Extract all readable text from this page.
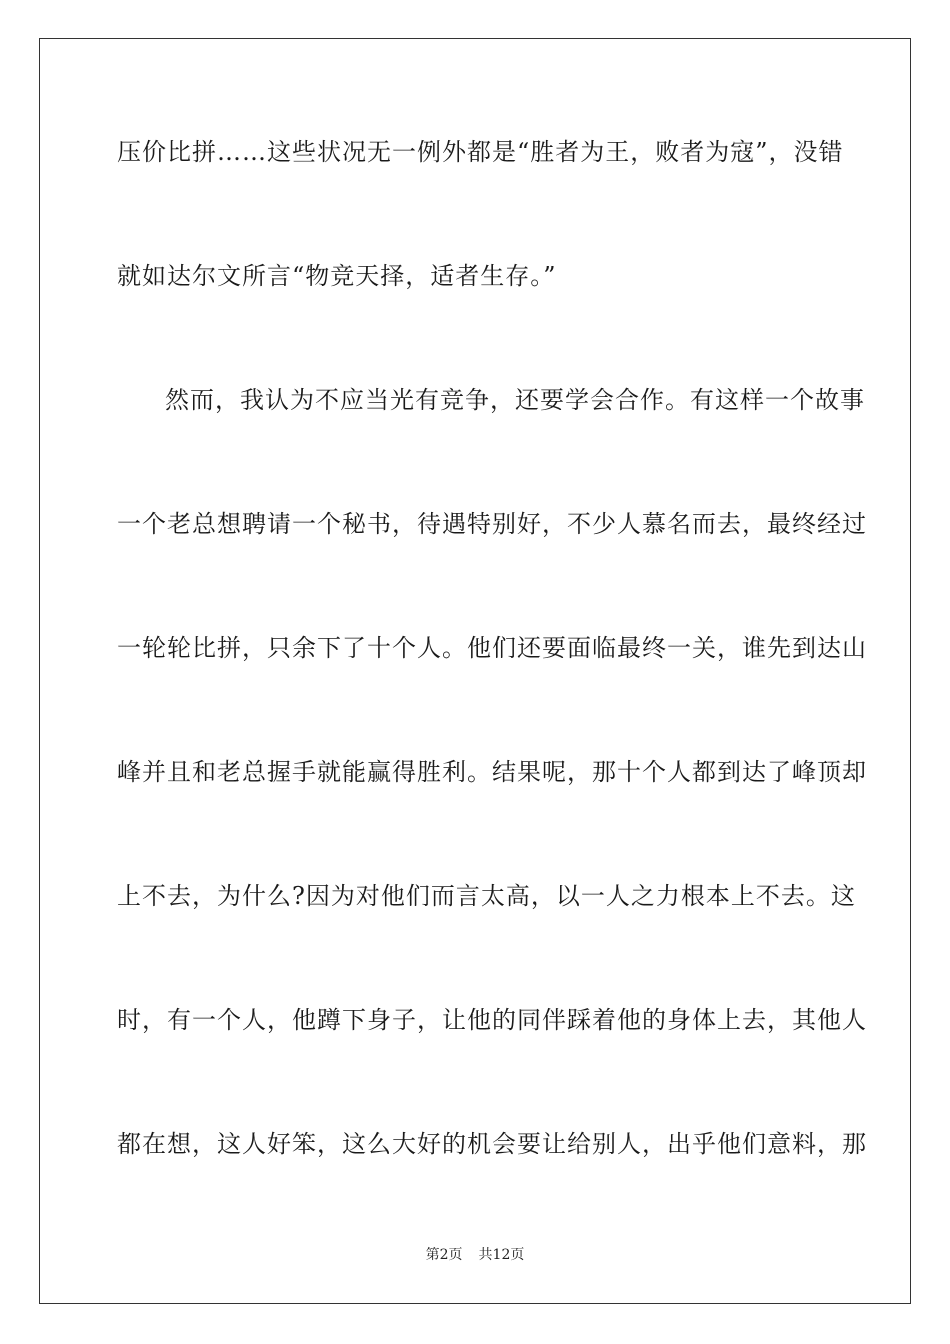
压价比拼……这些状况无一例外都是“胜者为王，败者为寇”，没错
就如达尔文所言“物竞天择，适者生存。”
然而，我认为不应当光有竞争，还要学会合作。有这样一个故事
一个老总想聘请一个秘书，待遇特别好，不少人慕名而去，最终经过
一轮轮比拼，只余下了十个人。他们还要面临最终一关，谁先到达山
峰并且和老总握手就能赢得胜利。结果呢，那十个人都到达了峰顶却
上不去，为什么?因为对他们而言太高，以一人之力根本上不去。这
时，有一个人，他蹲下身子，让他的同伴踩着他的身体上去，其他人
都在想，这人好笨，这么大好的机会要让给别人，出乎他们意料，那
第2页 共12页
